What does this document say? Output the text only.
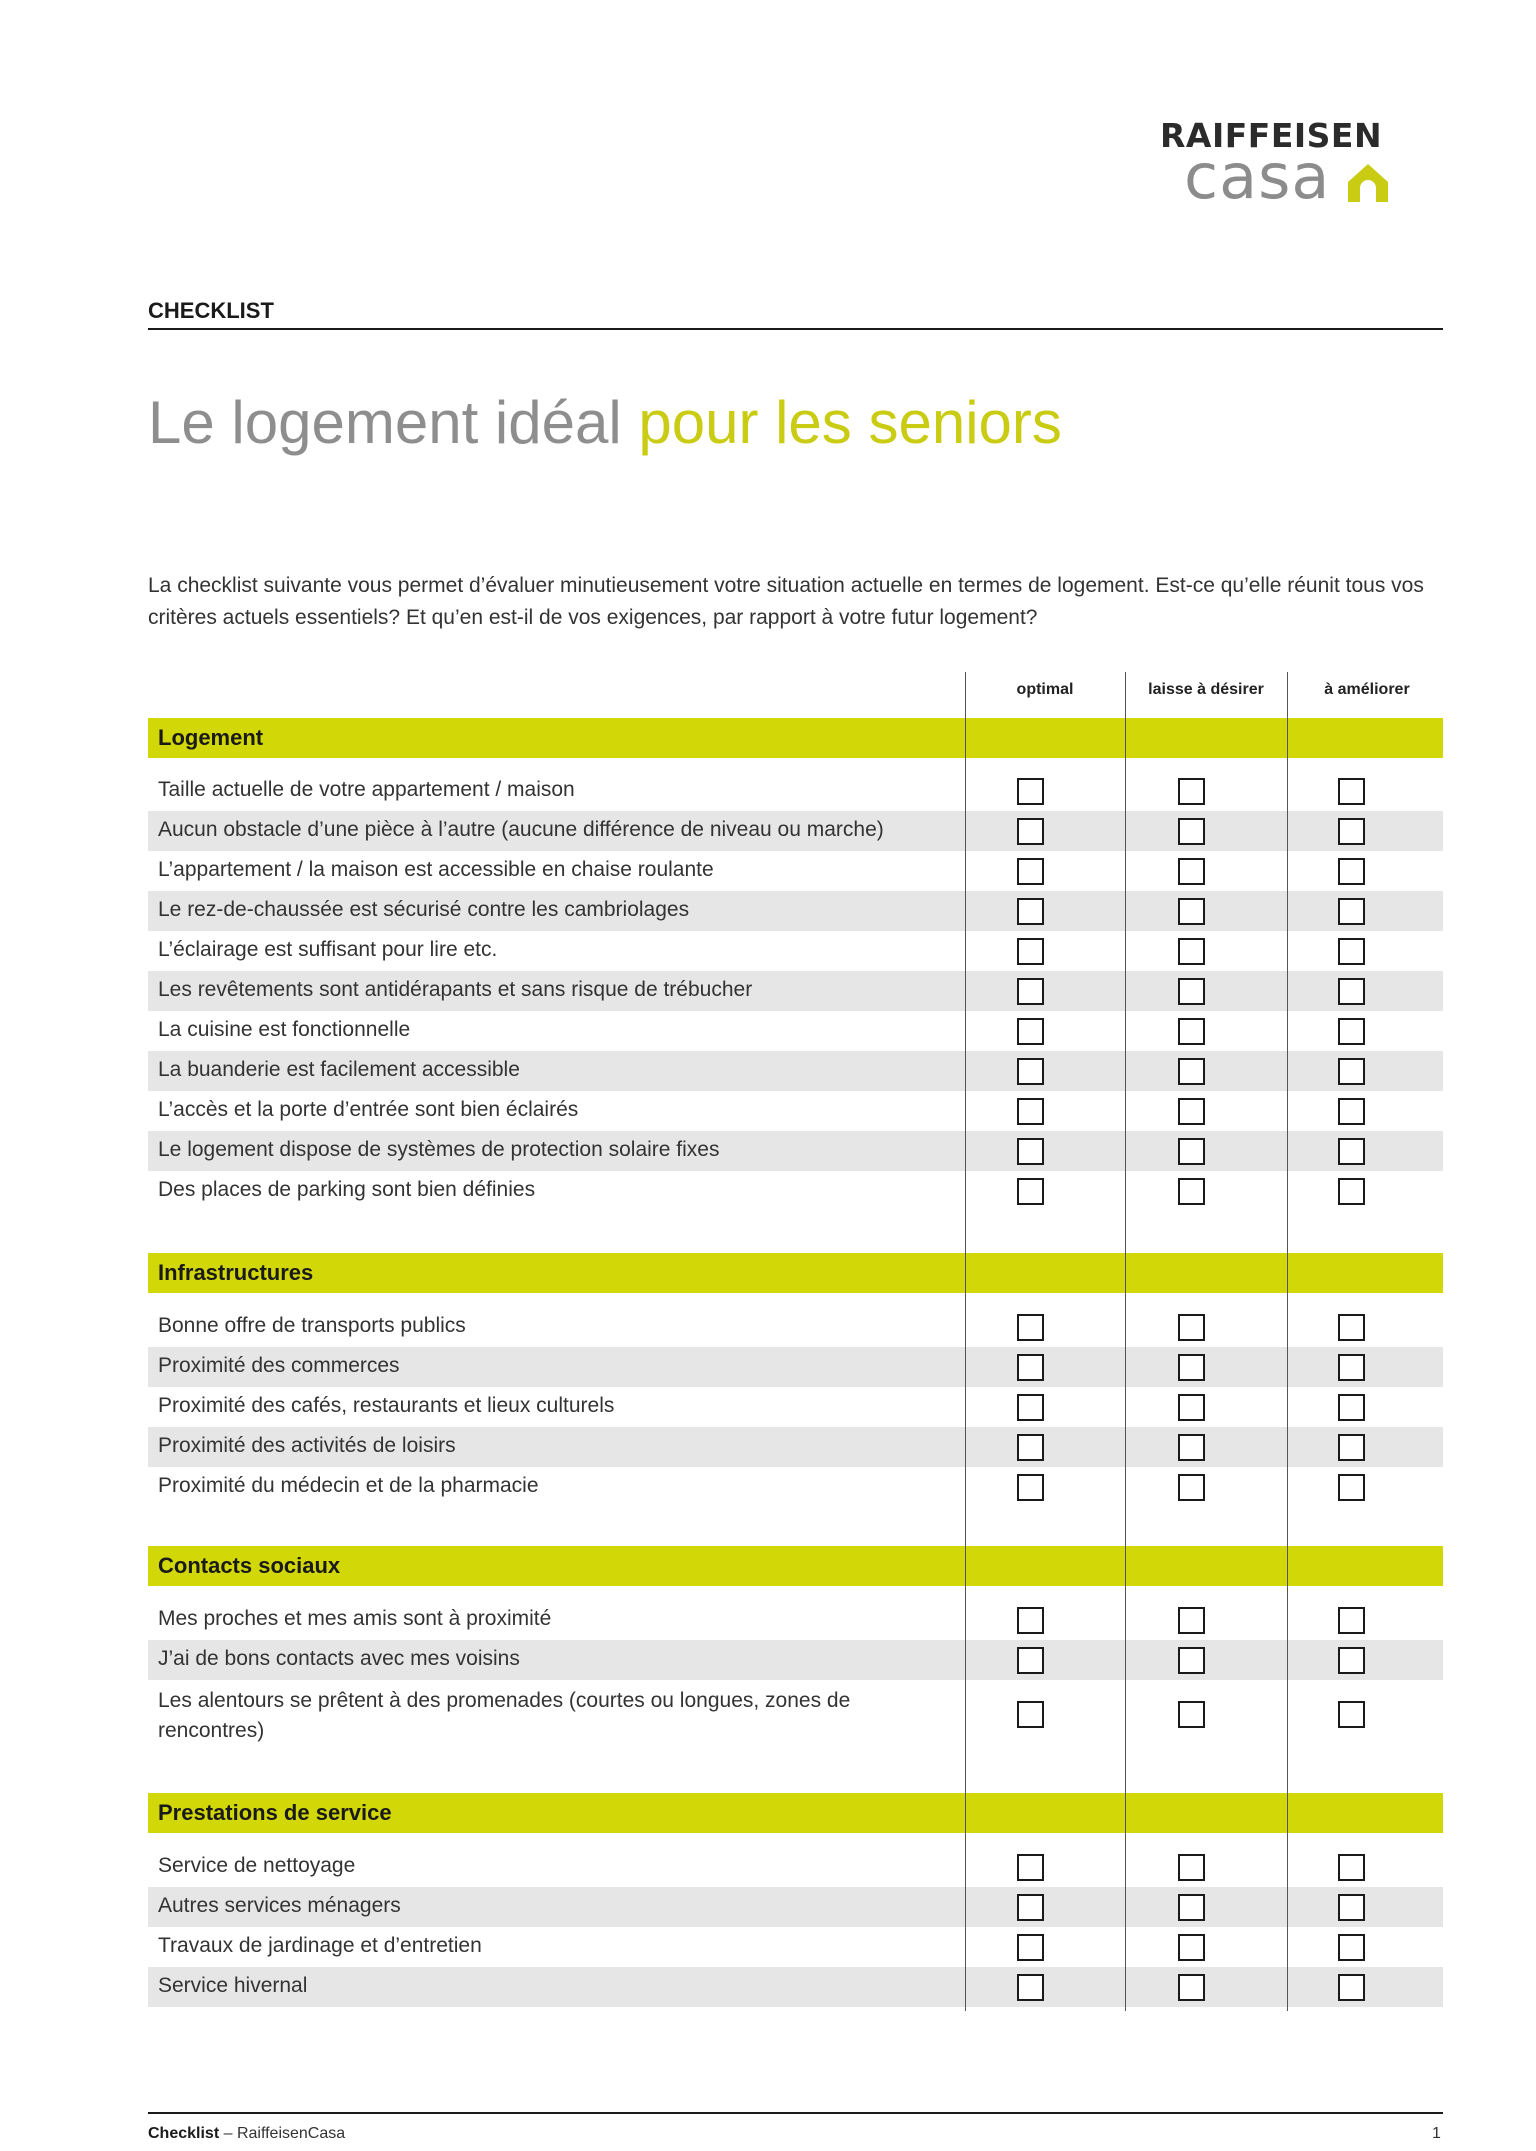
RAIFFEISEN
casa
CHECKLIST
Le logement idéal pour les seniors
La checklist suivante vous permet d’évaluer minutieusement votre situation actuelle en termes de logement. Est-ce qu’elle réunit tous vos critères actuels essentiels? Et qu’en est-il de vos exigences, par rapport à votre futur logement?
optimal	laisse à désirer	à améliorer
Logement
Taille actuelle de votre appartement / maison
Aucun obstacle d’une pièce à l’autre (aucune différence de niveau ou marche)
L’appartement / la maison est accessible en chaise roulante
Le rez-de-chaussée est sécurisé contre les cambriolages
L’éclairage est suffisant pour lire etc.
Les revêtements sont antidérapants et sans risque de trébucher
La cuisine est fonctionnelle
La buanderie est facilement accessible
L’accès et la porte d’entrée sont bien éclairés
Le logement dispose de systèmes de protection solaire fixes
Des places de parking sont bien définies
Infrastructures
Bonne offre de transports publics
Proximité des commerces
Proximité des cafés, restaurants et lieux culturels
Proximité des activités de loisirs
Proximité du médecin et de la pharmacie
Contacts sociaux
Mes proches et mes amis sont à proximité
J’ai de bons contacts avec mes voisins
Les alentours se prêtent à des promenades (courtes ou longues, zones de rencontres)
Prestations de service
Service de nettoyage
Autres services ménagers
Travaux de jardinage et d’entretien
Service hivernal
Checklist – RaiffeisenCasa	1
